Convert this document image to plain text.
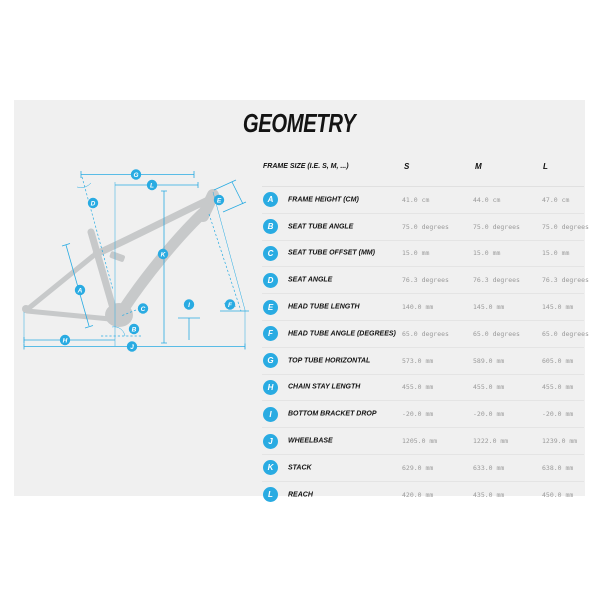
GEOMETRY
G
L
D	E
K
A
C
B
I	F
H
J
FRAME SIZE (I.E. S, M, ...)	S	M	L
A	FRAME HEIGHT (CM)	41.0 cm	44.0 cm	47.0 cm
B	SEAT TUBE ANGLE	75.0 degrees	75.0 degrees	75.0 degrees
C	SEAT TUBE OFFSET (MM)	15.0 mm	15.0 mm	15.0 mm
D	SEAT ANGLE	76.3 degrees	76.3 degrees	76.3 degrees
E	HEAD TUBE LENGTH	140.0 mm	145.0 mm	145.0 mm
F	HEAD TUBE ANGLE (DEGREES) 65.0 degrees	65.0 degrees	65.0 degrees
G	TOP TUBE HORIZONTAL	573.0 mm	589.0 mm	605.0 mm
H	CHAIN STAY LENGTH	455.0 mm	455.0 mm	455.0 mm
I	BOTTOM BRACKET DROP	-20.0 mm	-20.0 mm	-20.0 mm
J	WHEELBASE	1205.0 mm	1222.0 mm	1239.0 mm
K	STACK	629.0 mm	633.0 mm	638.0 mm
L	REACH	420.0 mm	435.0 mm	450.0 mm
